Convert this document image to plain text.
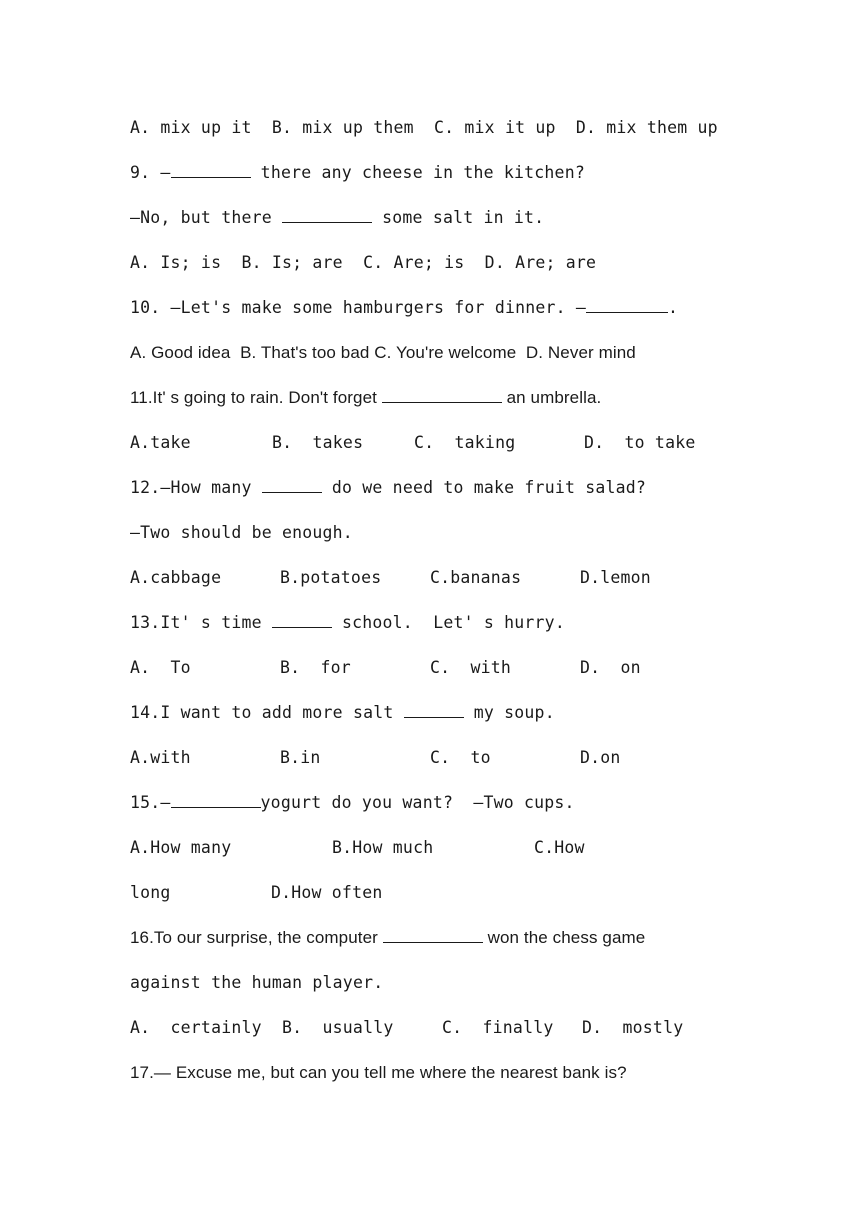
A. mix up it  B. mix up them  C. mix it up  D. mix them up
9. —	there any cheese in the kitchen?
—No, but there	some salt in it.
A. Is; is  B. Is; are  C. Are; is  D. Are; are
10. —Let's make some hamburgers for dinner. —	.
A. Good idea  B. That's too bad C. You're welcome  D. Never mind
11.It' s going to rain. Don't forget	an umbrella.
A.take	B.  takes	C.  taking	D.  to take
12.—How many	do we need to make fruit salad?
—Two should be enough.
A.cabbage	B.potatoes	C.bananas	D.lemon
13.It' s time	school.  Let' s hurry.
A.  To	B.  for	C.  with	D.  on
14.I want to add more salt	my soup.
A.with	B.in	C.  to	D.on
15.—	yogurt do you want?  —Two cups.
A.How many	B.How much	C.How
long	D.How often
16.To our surprise, the computer	won the chess game
against the human player.
A.  certainly B.  usually	C.  finally D.  mostly
17.— Excuse me, but can you tell me where the nearest bank is?
